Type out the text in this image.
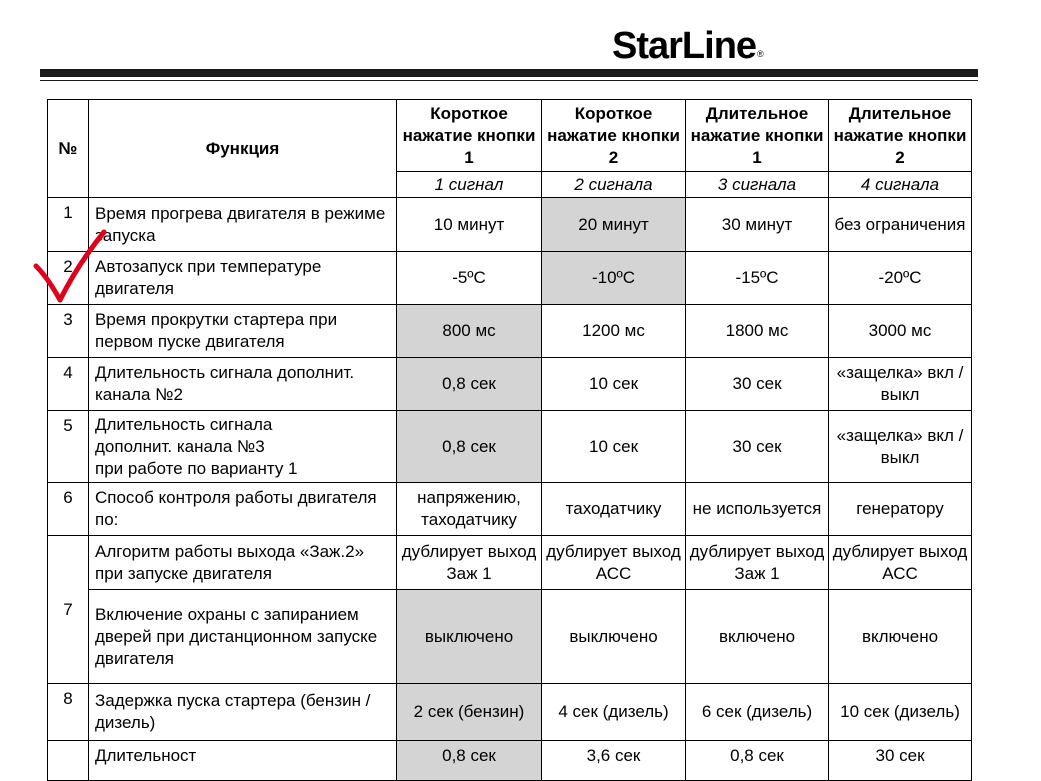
StarLine®
№	Функция	Короткое нажатие кнопки 1	Короткое нажатие кнопки 2	Длительное нажатие кнопки 1	Длительное нажатие кнопки 2
		1 сигнал	2 сигнала	3 сигнала	4 сигнала
1	Время прогрева двигателя в режиме запуска	10 минут	20 минут	30 минут	без ограничения
2	Автозапуск при температуре двигателя	-5ºC	-10ºC	-15ºC	-20ºC
3	Время прокрутки стартера при первом пуске двигателя	800 мс	1200 мс	1800 мс	3000 мс
4	Длительность сигнала дополнит. канала №2	0,8 сек	10 сек	30 сек	«защелка» вкл / выкл
5	Длительность сигнала
дополнит. канала №3
при работе по варианту 1	0,8 сек	10 сек	30 сек	«защелка» вкл / выкл
6	Способ контроля работы двигателя по:	напряжению, таходатчику	таходатчику	не используется	генератору
7	Алгоритм работы выхода «Заж.2» при запуске двигателя	дублирует выход Заж 1	дублирует выход АСС	дублирует выход Заж 1	дублирует выход АСС
	Включение охраны с запиранием дверей при дистанционном запуске двигателя	выключено	выключено	включено	включено
8	Задержка пуска стартера (бензин / дизель)	2 сек (бензин)	4 сек (дизель)	6 сек (дизель)	10 сек (дизель)
	Длительност	0,8 сек	3,6 сек	0,8 сек	30 сек
